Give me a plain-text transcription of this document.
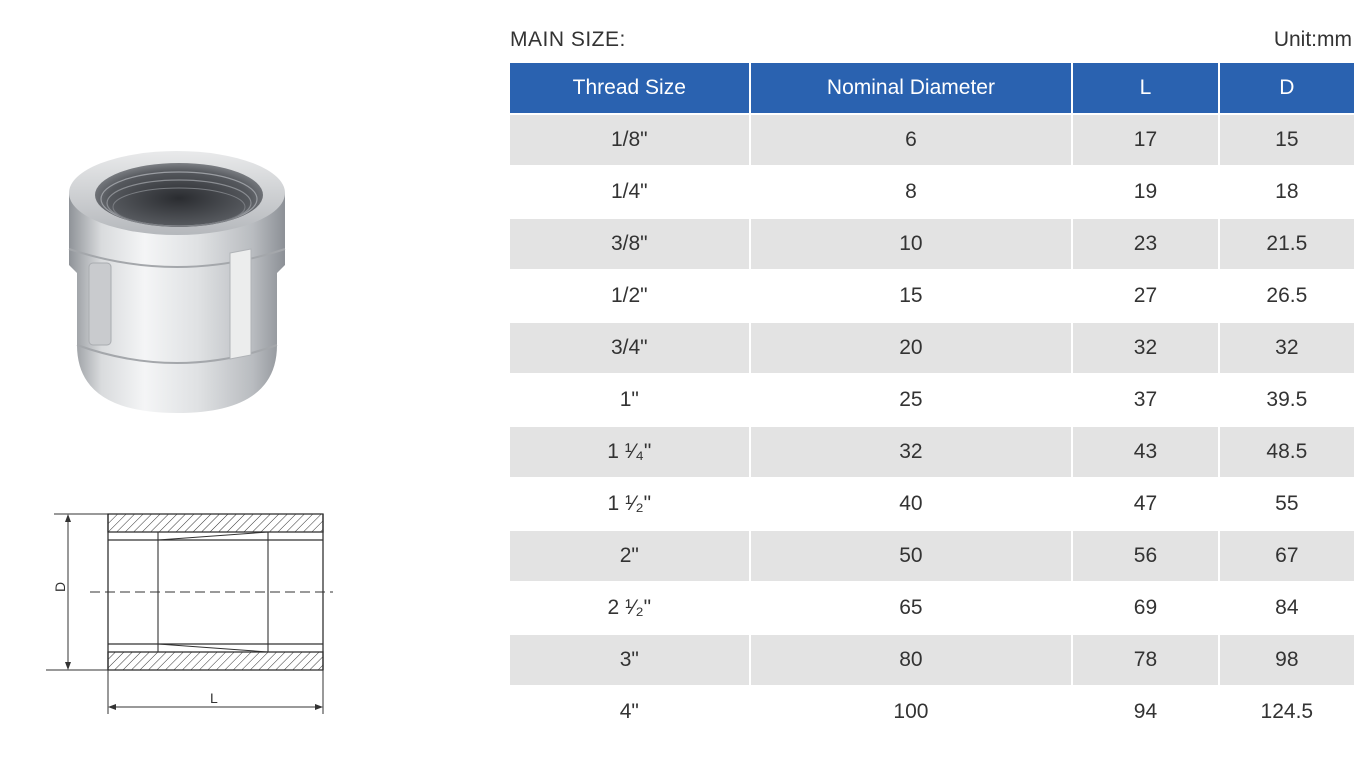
D
L
MAIN SIZE:	Unit:mm
Thread Size	Nominal Diameter	L	D
1/8"	6	17	15
1/4"	8	19	18
3/8"	10	23	21.5
1/2"	15	27	26.5
3/4"	20	32	32
1"	25	37	39.5
1 ¹⁄₄"	32	43	48.5
1 ¹⁄₂"	40	47	55
2"	50	56	67
2 ¹⁄₂"	65	69	84
3"	80	78	98
4"	100	94	124.5
